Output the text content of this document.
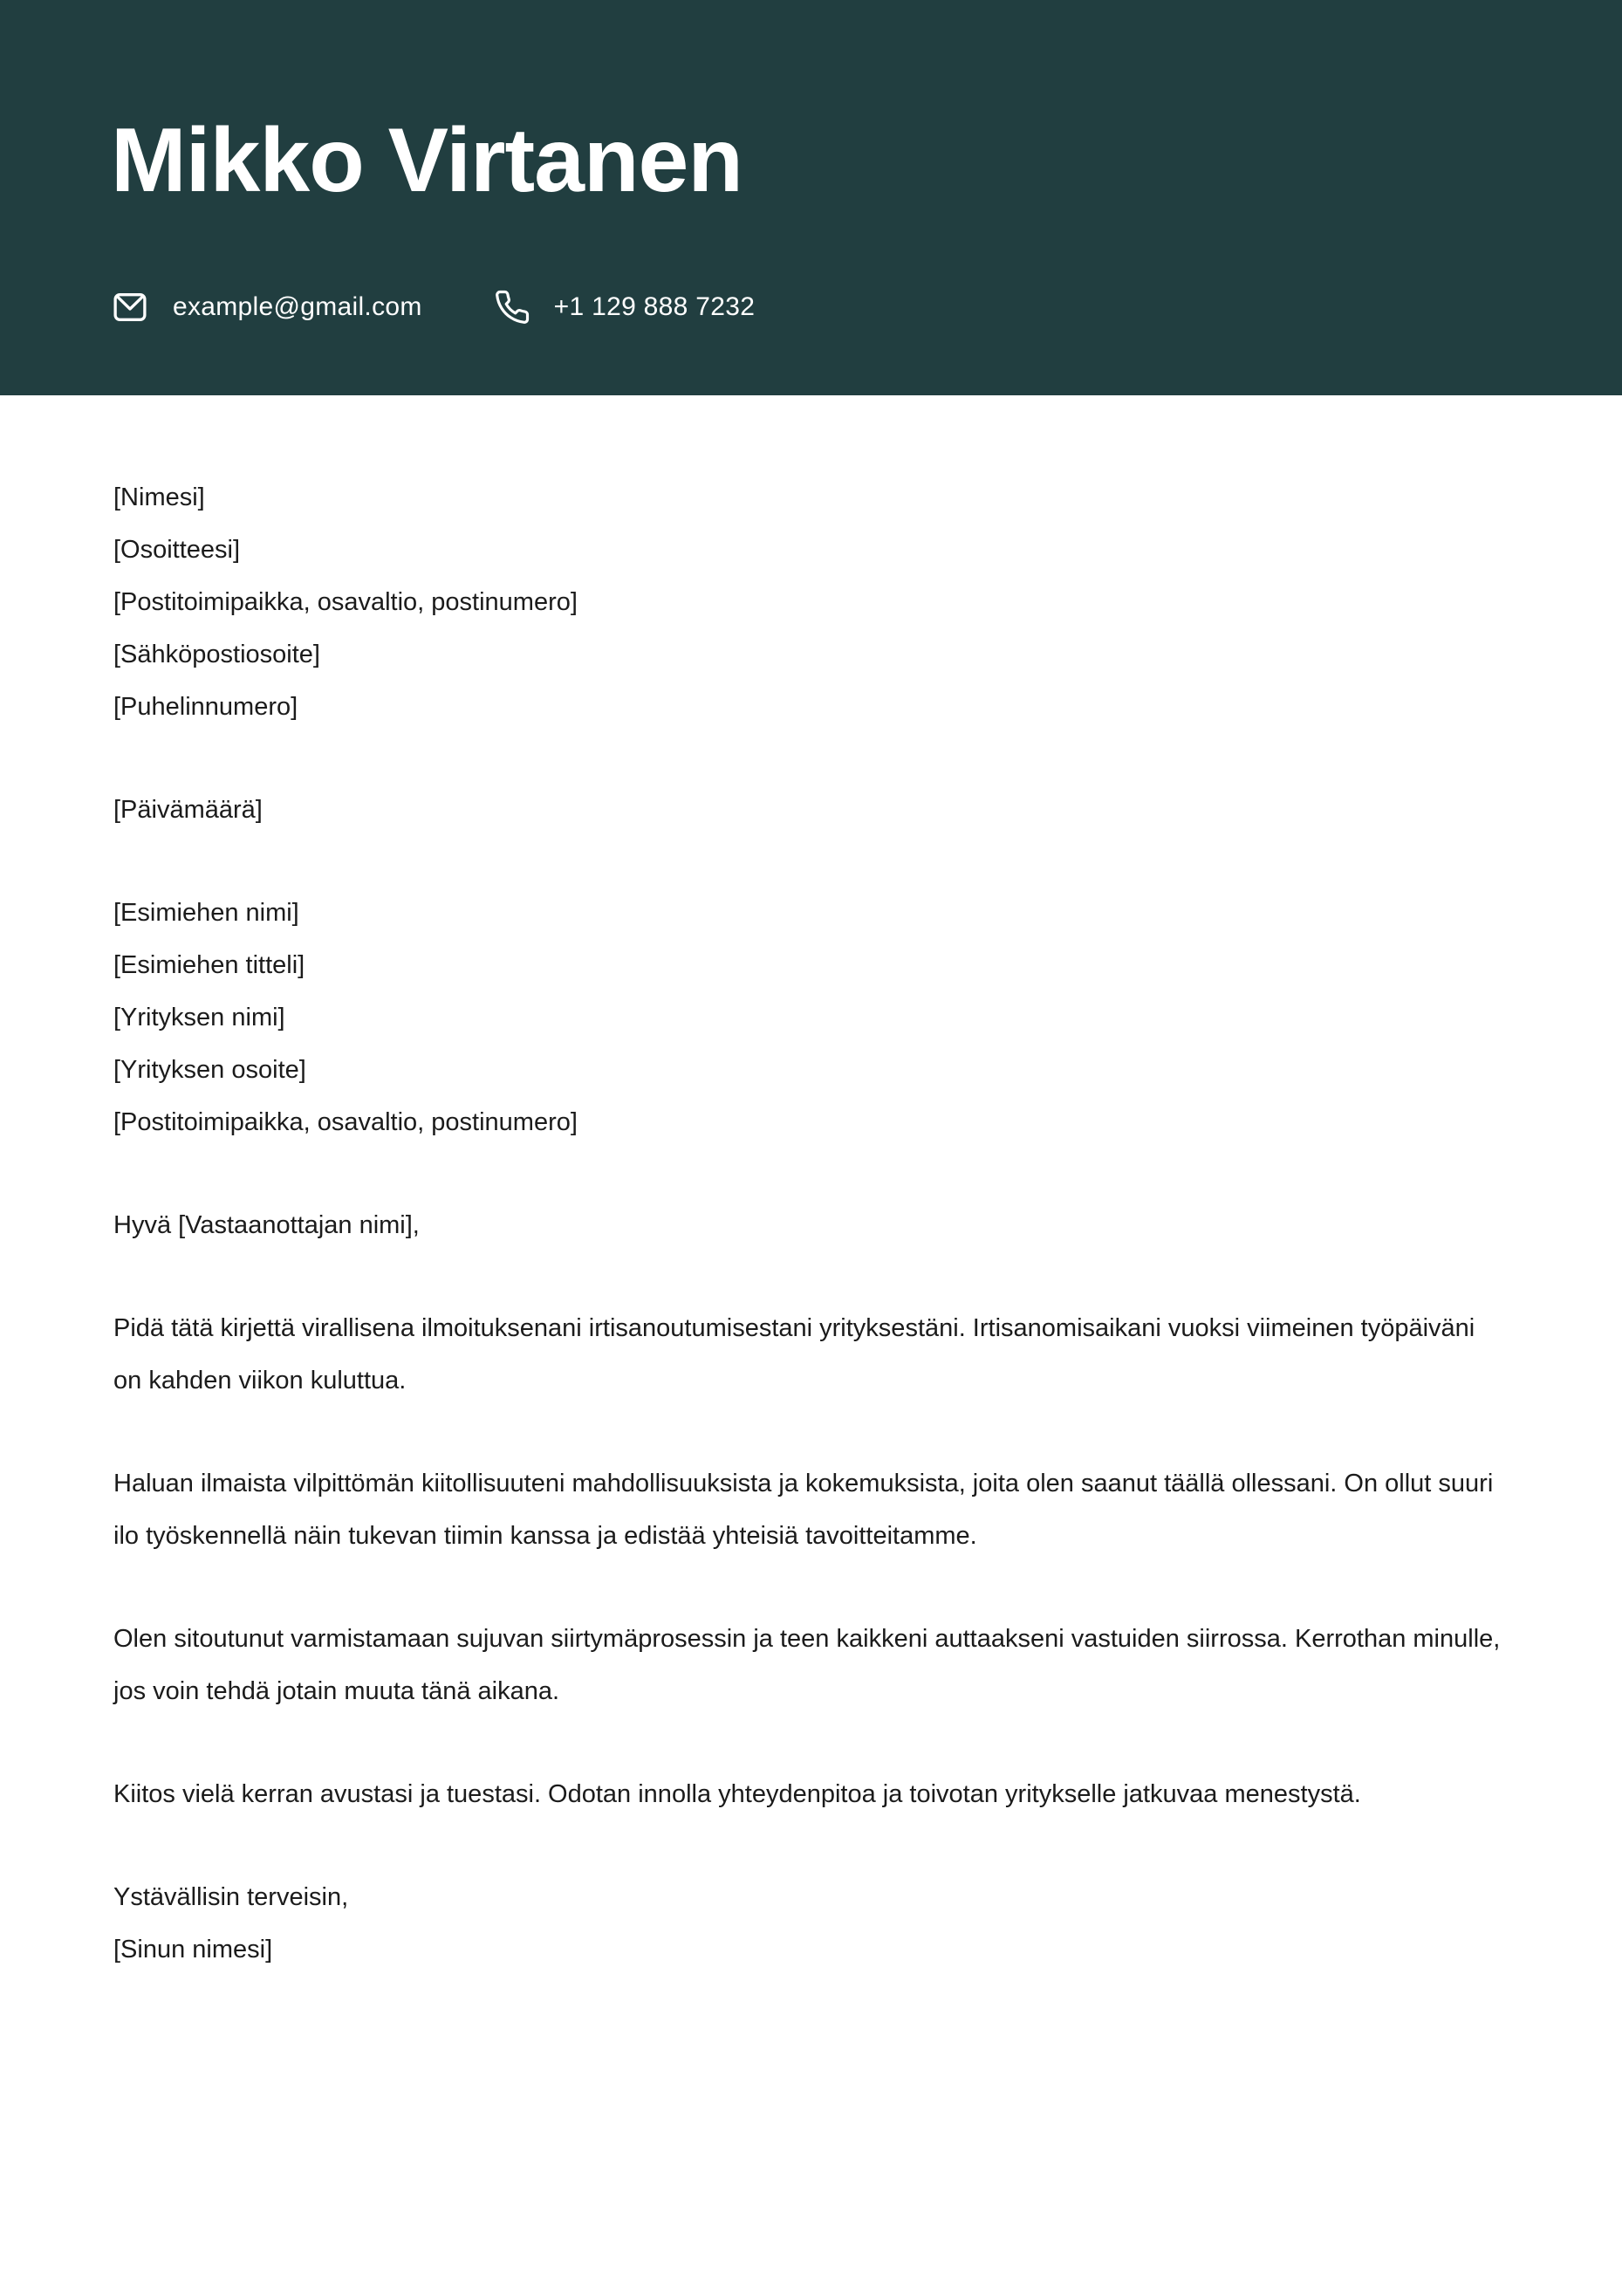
Mikko Virtanen
example@gmail.com	+1 129 888 7232
[Nimesi]
[Osoitteesi]
[Postitoimipaikka, osavaltio, postinumero]
[Sähköpostiosoite]
[Puhelinnumero]
[Päivämäärä]
[Esimiehen nimi]
[Esimiehen titteli]
[Yrityksen nimi]
[Yrityksen osoite]
[Postitoimipaikka, osavaltio, postinumero]
Hyvä [Vastaanottajan nimi],
Pidä tätä kirjettä virallisena ilmoituksenani irtisanoutumisestani yrityksestäni. Irtisanomisaikani vuoksi viimeinen työpäiväni on kahden viikon kuluttua.
Haluan ilmaista vilpittömän kiitollisuuteni mahdollisuuksista ja kokemuksista, joita olen saanut täällä ollessani. On ollut suuri ilo työskennellä näin tukevan tiimin kanssa ja edistää yhteisiä tavoitteitamme.
Olen sitoutunut varmistamaan sujuvan siirtymäprosessin ja teen kaikkeni auttaakseni vastuiden siirrossa. Kerrothan minulle, jos voin tehdä jotain muuta tänä aikana.
Kiitos vielä kerran avustasi ja tuestasi. Odotan innolla yhteydenpitoa ja toivotan yritykselle jatkuvaa menestystä.
Ystävällisin terveisin,
[Sinun nimesi]
